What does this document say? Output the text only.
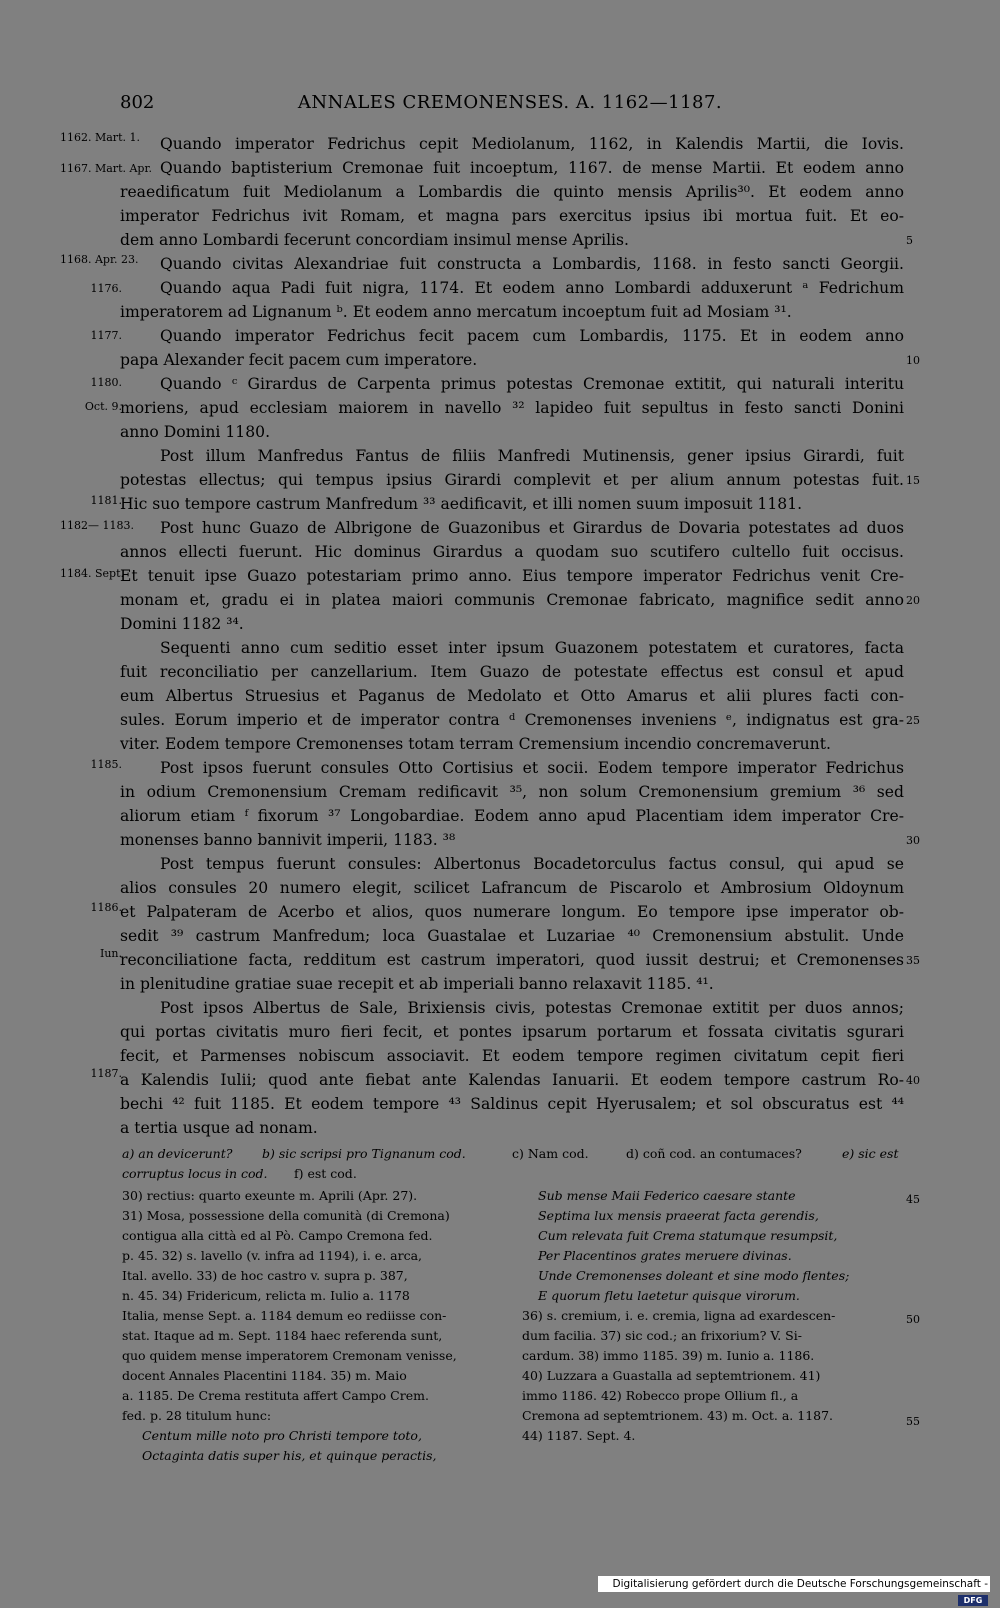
802	ANNALES CREMONENSES. A. 1162—1187.
1162. Mart. 1.
1167. Mart. Apr.
1168. Apr. 23.
1176.
1177.
1180.
Oct. 9.
1181.
1182— 1183.
1184. Sept.
1185.
1186.
Iun.
1187.
Quando imperator Fedrichus cepit Mediolanum, 1162, in Kalendis Martii, die Iovis.
Quando baptisterium Cremonae fuit incoeptum, 1167. de mense Martii. Et eodem anno
reaedificatum fuit Mediolanum a Lombardis die quinto mensis Aprilis³⁰. Et eodem anno
imperator Fedrichus ivit Romam, et magna pars exercitus ipsius ibi mortua fuit. Et eo-
dem anno Lombardi fecerunt concordiam insimul mense Aprilis.
Quando civitas Alexandriae fuit constructa a Lombardis, 1168. in festo sancti Georgii.
Quando aqua Padi fuit nigra, 1174. Et eodem anno Lombardi adduxerunt ᵃ Fedrichum
imperatorem ad Lignanum ᵇ. Et eodem anno mercatum incoeptum fuit ad Mosiam ³¹.
Quando imperator Fedrichus fecit pacem cum Lombardis, 1175. Et in eodem anno
papa Alexander fecit pacem cum imperatore.
Quando ᶜ Girardus de Carpenta primus potestas Cremonae extitit, qui naturali interitu
moriens, apud ecclesiam maiorem in navello ³² lapideo fuit sepultus in festo sancti Donini
anno Domini 1180.
Post illum Manfredus Fantus de filiis Manfredi Mutinensis, gener ipsius Girardi, fuit
potestas ellectus; qui tempus ipsius Girardi complevit et per alium annum potestas fuit.
Hic suo tempore castrum Manfredum ³³ aedificavit, et illi nomen suum imposuit 1181.
Post hunc Guazo de Albrigone de Guazonibus et Girardus de Dovaria potestates ad duos
annos ellecti fuerunt. Hic dominus Girardus a quodam suo scutifero cultello fuit occisus.
Et tenuit ipse Guazo potestariam primo anno. Eius tempore imperator Fedrichus venit Cre-
monam et, gradu ei in platea maiori communis Cremonae fabricato, magnifice sedit anno
Domini 1182 ³⁴.
Sequenti anno cum seditio esset inter ipsum Guazonem potestatem et curatores, facta
fuit reconciliatio per canzellarium. Item Guazo de potestate effectus est consul et apud
eum Albertus Struesius et Paganus de Medolato et Otto Amarus et alii plures facti con-
sules. Eorum imperio et de imperator contra ᵈ Cremonenses inveniens ᵉ, indignatus est gra-
viter. Eodem tempore Cremonenses totam terram Cremensium incendio concremaverunt.
Post ipsos fuerunt consules Otto Cortisius et socii. Eodem tempore imperator Fedrichus
in odium Cremonensium Cremam redificavit ³⁵, non solum Cremonensium gremium ³⁶ sed
aliorum etiam ᶠ fixorum ³⁷ Longobardiae. Eodem anno apud Placentiam idem imperator Cre-
monenses banno bannivit imperii, 1183. ³⁸
Post tempus fuerunt consules: Albertonus Bocadetorculus factus consul, qui apud se
alios consules 20 numero elegit, scilicet Lafrancum de Piscarolo et Ambrosium Oldoynum
et Palpateram de Acerbo et alios, quos numerare longum. Eo tempore ipse imperator ob-
sedit ³⁹ castrum Manfredum; loca Guastalae et Luzariae ⁴⁰ Cremonensium abstulit. Unde
reconciliatione facta, redditum est castrum imperatori, quod iussit destrui; et Cremonenses
in plenitudine gratiae suae recepit et ab imperiali banno relaxavit 1185. ⁴¹.
Post ipsos Albertus de Sale, Brixiensis civis, potestas Cremonae extitit per duos annos;
qui portas civitatis muro fieri fecit, et pontes ipsarum portarum et fossata civitatis sgurari
fecit, et Parmenses nobiscum associavit. Et eodem tempore regimen civitatum cepit fieri
a Kalendis Iulii; quod ante fiebat ante Kalendas Ianuarii. Et eodem tempore castrum Ro-
bechi ⁴² fuit 1185. Et eodem tempore ⁴³ Saldinus cepit Hyerusalem; et sol obscuratus est ⁴⁴
a tertia usque ad nonam.
5
10
15
20
25
30
35
40
45
50
55
a) an devicerunt? b) sic scripsi pro Tignanum cod.	c) Nam cod.	d) coñ cod. an contumaces?	e) sic est
corruptus locus in cod. f) est cod.
30) rectius: quarto exeunte m. Aprili (Apr. 27).
31) Mosa, possessione della comunità (di Cremona)
contigua alla città ed al Pò. Campo Cremona fed.
p. 45. 32) s. lavello (v. infra ad 1194), i. e. arca,
Ital. avello. 33) de hoc castro v. supra p. 387,
n. 45. 34) Fridericum, relicta m. Iulio a. 1178
Italia, mense Sept. a. 1184 demum eo rediisse con-
stat. Itaque ad m. Sept. 1184 haec referenda sunt,
quo quidem mense imperatorem Cremonam venisse,
docent Annales Placentini 1184. 35) m. Maio
a. 1185. De Crema restituta affert Campo Crem.
fed. p. 28 titulum hunc:
Centum mille noto pro Christi tempore toto,
Octaginta datis super his, et quinque peractis,
Sub mense Maii Federico caesare stante
Septima lux mensis praeerat facta gerendis,
Cum relevata fuit Crema statumque resumpsit,
Per Placentinos grates meruere divinas.
Unde Cremonenses doleant et sine modo flentes;
E quorum fletu laetetur quisque virorum.
36) s. cremium, i. e. cremia, ligna ad exardescen-
dum facilia. 37) sic cod.; an frixorium? V. Si-
cardum. 38) immo 1185. 39) m. Iunio a. 1186.
40) Luzzara a Guastalla ad septemtrionem. 41)
immo 1186. 42) Robecco prope Ollium fl., a
Cremona ad septemtrionem. 43) m. Oct. a. 1187.
44) 1187. Sept. 4.
Digitalisierung gefördert durch die Deutsche Forschungsgemeinschaft -DFG
